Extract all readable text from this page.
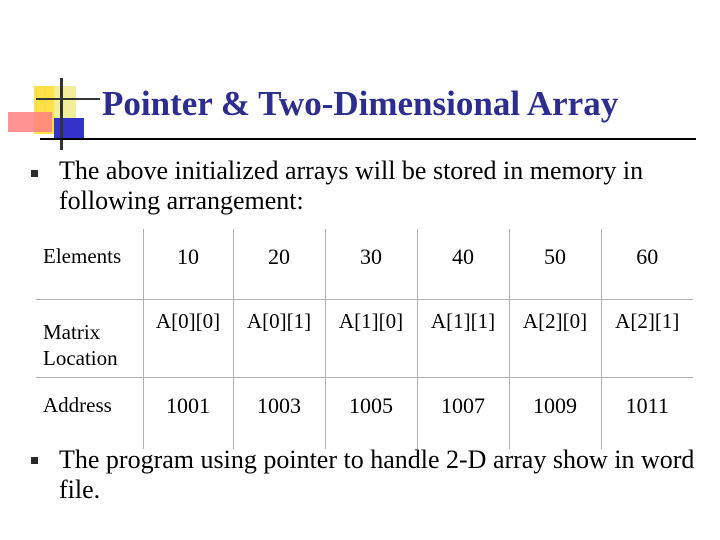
Pointer & Two-Dimensional Array

The above initialized arrays will be stored in memory in following arrangement:

Elements	10	20	30	40	50	60
Matrix Location	A[0][0]	A[0][1]	A[1][0]	A[1][1]	A[2][0]	A[2][1]
Address	1001	1003	1005	1007	1009	1011

The program using pointer to handle 2-D array show in word file.
